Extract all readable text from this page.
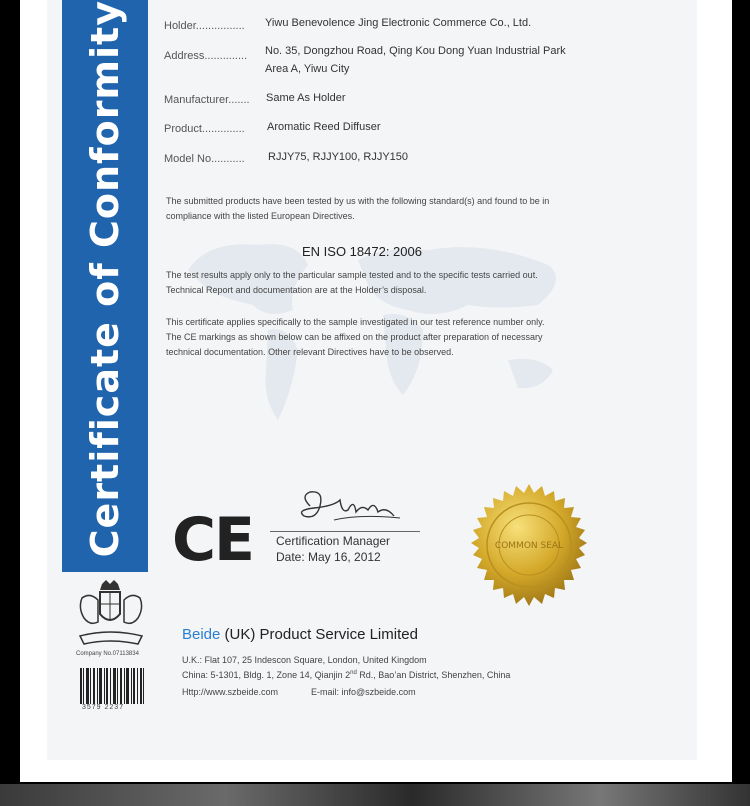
Certificate of Conformity	Holder................ Yiwu Benevolence Jing Electronic Commerce Co., Ltd.
Address.............. No. 35, Dongzhou Road, Qing Kou Dong Yuan Industrial Park
Area A, Yiwu City
Manufacturer....... Same As Holder
Product.............. Aromatic Reed Diffuser
Model No........... RJJY75, RJJY100, RJJY150
The submitted products have been tested by us with the following standard(s) and found to be in
compliance with the listed European Directives.
EN ISO 18472: 2006
The test results apply only to the particular sample tested and to the specific tests carried out.
Technical Report and documentation are at the Holder’s disposal.
This certificate applies specifically to the sample investigated in our test reference number only.
The CE markings as shown below can be affixed on the product after preparation of necessary
technical documentation. Other relevant Directives have to be observed.
CE Certification Manager
Date: May 16, 2012
COMMON SEAL
Company No.07113834
3579 2237
Beide (UK) Product Service Limited
U.K.: Flat 107, 25 Indescon Square, London, United Kingdom
China: 5-1301, Bldg. 1, Zone 14, Qianjin 2nd Rd., Bao’an District, Shenzhen, China
Http://www.szbeide.com	E-mail: info@szbeide.com
